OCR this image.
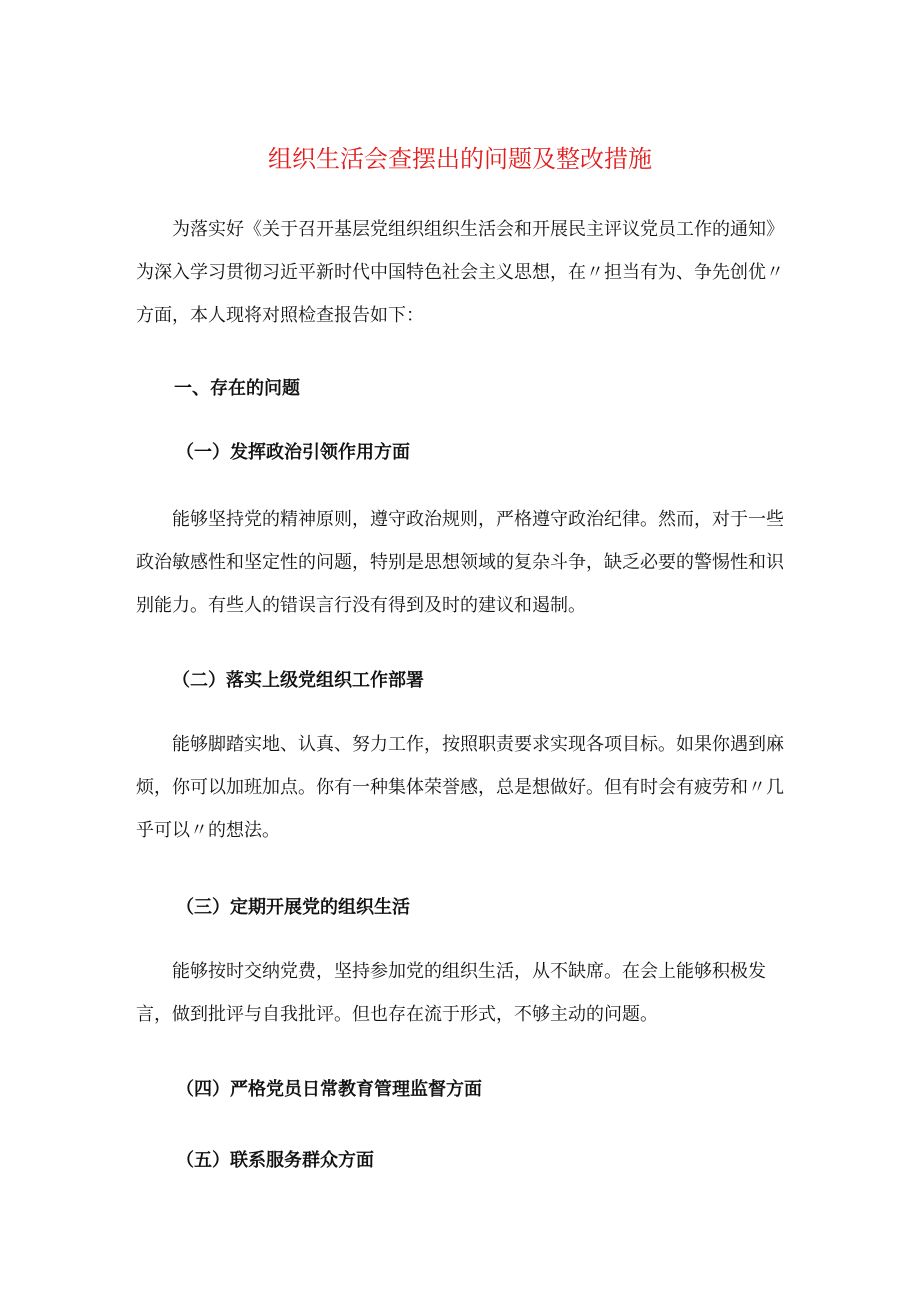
组织生活会查摆出的问题及整改措施

为落实好《关于召开基层党组织组织生活会和开展民主评议党员工作的通知》为深入学习贯彻习近平新时代中国特色社会主义思想，在〃担当有为、争先创优〃方面，本人现将对照检查报告如下：

一、存在的问题
（一）发挥政治引领作用方面

能够坚持党的精神原则，遵守政治规则，严格遵守政治纪律。然而，对于一些政治敏感性和坚定性的问题，特别是思想领域的复杂斗争，缺乏必要的警惕性和识别能力。有些人的错误言行没有得到及时的建议和遏制。

（二）落实上级党组织工作部署

能够脚踏实地、认真、努力工作，按照职责要求实现各项目标。如果你遇到麻烦，你可以加班加点。你有一种集体荣誉感，总是想做好。但有时会有疲劳和〃几乎可以〃的想法。

（三）定期开展党的组织生活

能够按时交纳党费，坚持参加党的组织生活，从不缺席。在会上能够积极发言，做到批评与自我批评。但也存在流于形式，不够主动的问题。

（四）严格党员日常教育管理监督方面
（五）联系服务群众方面
